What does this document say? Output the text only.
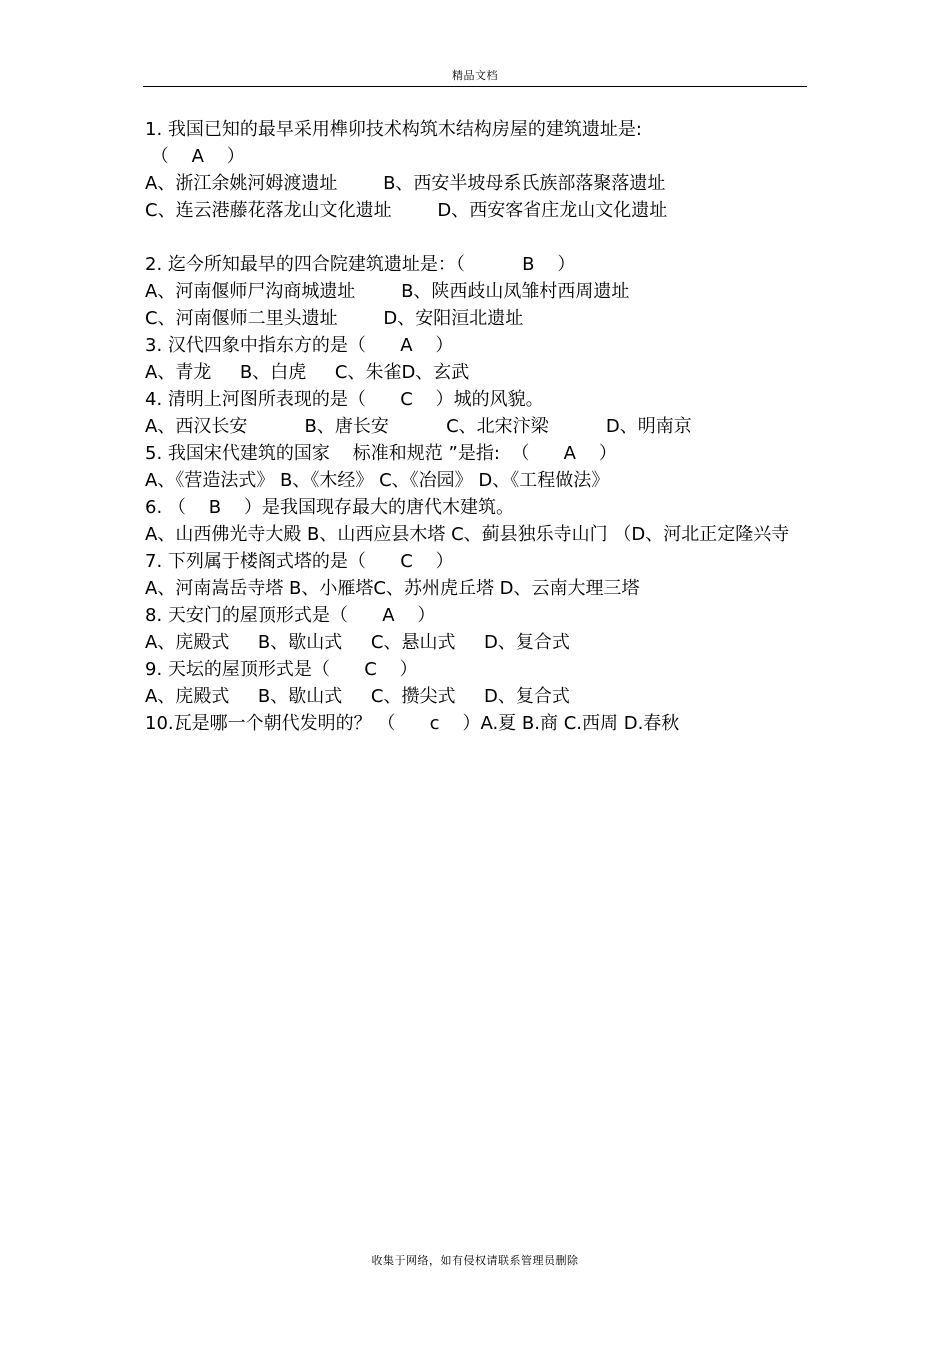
精品文档
1. 我国已知的最早采用榫卯技术构筑木结构房屋的建筑遗址是:
（    A    ）
A、浙江余姚河姆渡遗址        B、西安半坡母系氏族部落聚落遗址
C、连云港藤花落龙山文化遗址        D、西安客省庄龙山文化遗址
2. 迄今所知最早的四合院建筑遗址是：（          B    ）
A、河南偃师尸沟商城遗址        B、陕西歧山凤雏村西周遗址
C、河南偃师二里头遗址        D、安阳洹北遗址
3. 汉代四象中指东方的是（      A    ）
A、青龙     B、白虎     C、朱雀D、玄武
4. 清明上河图所表现的是（      C    ）城的风貌。
A、西汉长安          B、唐长安          C、北宋汴梁          D、明南京
5. 我国宋代建筑的国家    标准和规范 ”是指:  （      A    ）
A、《营造法式》 B、《木经》 C、《冶园》 D、《工程做法》
6. （    B    ）是我国现存最大的唐代木建筑。
A、山西佛光寺大殿 B、山西应县木塔 C、蓟县独乐寺山门 （D、河北正定隆兴寺
7. 下列属于楼阁式塔的是（      C    ）
A、河南嵩岳寺塔 B、小雁塔C、苏州虎丘塔 D、云南大理三塔
8. 天安门的屋顶形式是（      A    ）
A、庑殿式     B、歇山式     C、悬山式     D、复合式
9. 天坛的屋顶形式是（      C    ）
A、庑殿式     B、歇山式     C、攒尖式     D、复合式
10.瓦是哪一个朝代发明的？ （      c    ）A.夏 B.商 C.西周 D.春秋
收集于网络，如有侵权请联系管理员删除
